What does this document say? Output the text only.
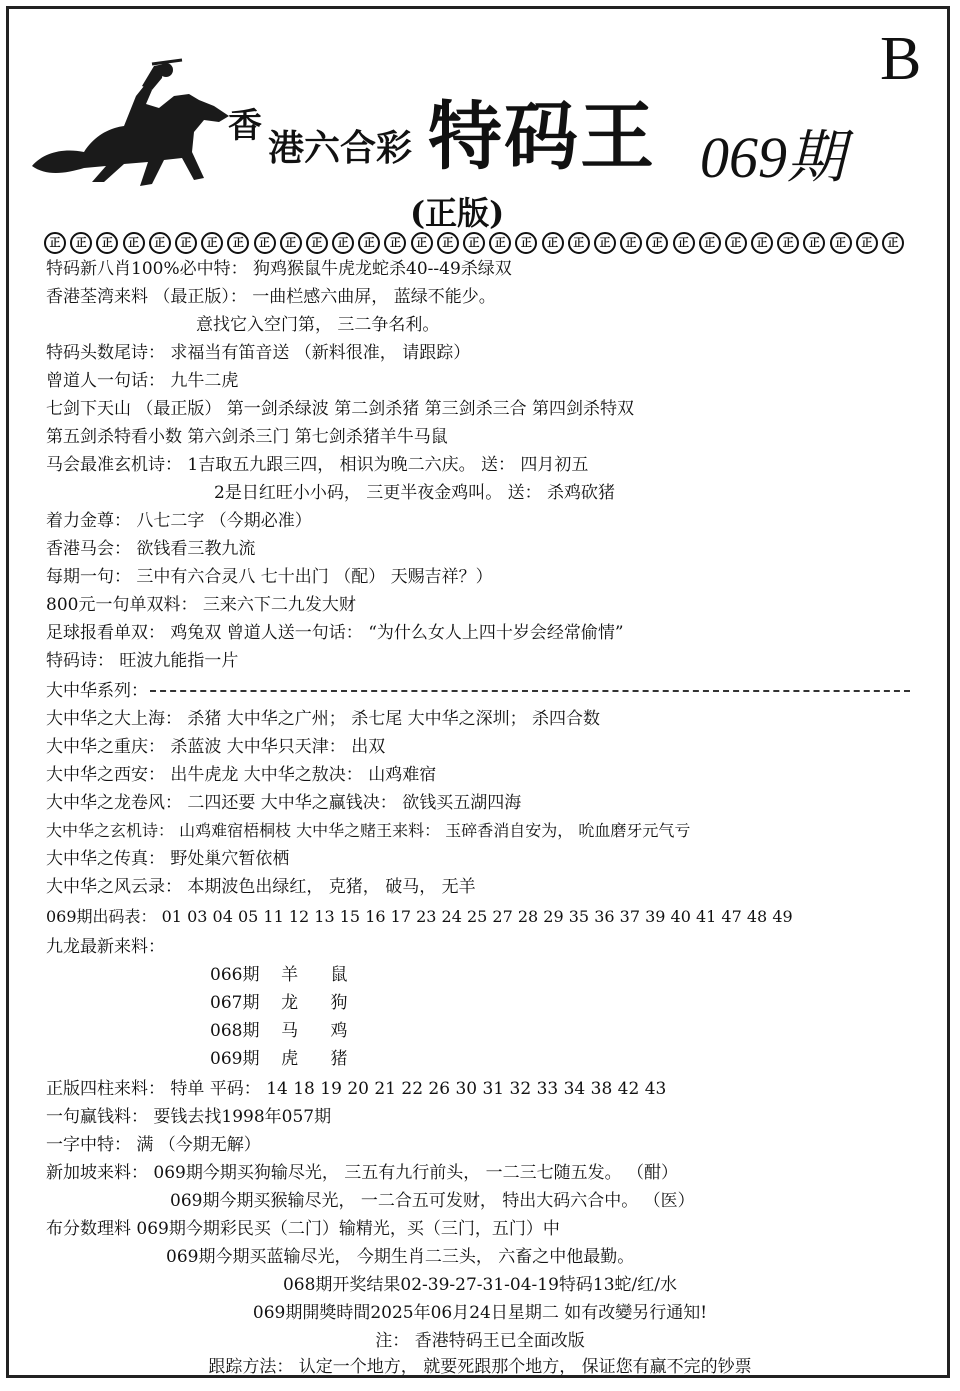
B
香
港六合彩 特码王 069期
(正版)
正	正	正	正	正	正	正	正	正	正	正	正	正	正	正	正	正	正	正	正	正	正	正	正	正	正	正	正	正	正	正	正	正
特码新八肖100%必中特： 狗鸡猴鼠牛虎龙蛇杀40--49杀绿双
香港荃湾来料 （最正版）： 一曲栏感六曲屏， 蓝绿不能少。
意找它入空门第， 三二争名利。
特码头数尾诗： 求福当有笛音送 （新料很准， 请跟踪）
曾道人一句话： 九牛二虎
七剑下天山 （最正版） 第一剑杀绿波 第二剑杀猪 第三剑杀三合 第四剑杀特双
第五剑杀特看小数 第六剑杀三门 第七剑杀猪羊牛马鼠
马会最准玄机诗： 1吉取五九跟三四， 相识为晚二六庆。 送： 四月初五
2是日红旺小小码， 三更半夜金鸡叫。 送： 杀鸡砍猪
着力金尊： 八七二字 （今期必准）
香港马会： 欲钱看三教九流
每期一句： 三中有六合灵八 七十出门 （配） 天赐吉祥？）
800元一句单双料： 三来六下二九发大财
足球报看单双： 鸡兔双 曾道人送一句话： “为什么女人上四十岁会经常偷情”
特码诗： 旺波九能指一片
大中华系列：
大中华之大上海： 杀猪 大中华之广州； 杀七尾 大中华之深圳； 杀四合数
大中华之重庆： 杀蓝波 大中华只天津： 出双
大中华之西安： 出牛虎龙 大中华之敖决： 山鸡难宿
大中华之龙卷风： 二四还要 大中华之赢钱决： 欲钱买五湖四海
大中华之玄机诗： 山鸡难宿梧桐枝 大中华之赌王来料： 玉碎香消自安为， 吮血磨牙元气亏
大中华之传真： 野处巢穴暂依栖
大中华之风云录： 本期波色出绿红， 克猪， 破马， 无羊
069期出码表： 01 03 04 05 11 12 13 15 16 17 23 24 25 27 28 29 35 36 37 39 40 41 47 48 49
九龙最新来料：
066期    羊      鼠
067期    龙      狗
068期    马      鸡
069期    虎      猪
正版四柱来料： 特单 平码： 14 18 19 20 21 22 26 30 31 32 33 34 38 42 43
一句赢钱料： 要钱去找1998年057期
一字中特： 满 （今期无解）
新加坡来料： 069期今期买狗输尽光， 三五有九行前头， 一二三七随五发。 （酣）
069期今期买猴输尽光， 一二合五可发财， 特出大码六合中。 （医）
布分数理料 069期今期彩民买（二门）输精光，买（三门，五门）中
069期今期买蓝输尽光， 今期生肖二三头， 六畜之中他最勤。
068期开奖结果02-39-27-31-04-19特码13蛇/红/水
069期開獎時間2025年06月24日星期二 如有改變另行通知!
注： 香港特码王已全面改版
跟踪方法： 认定一个地方， 就要死跟那个地方， 保证您有赢不完的钞票
